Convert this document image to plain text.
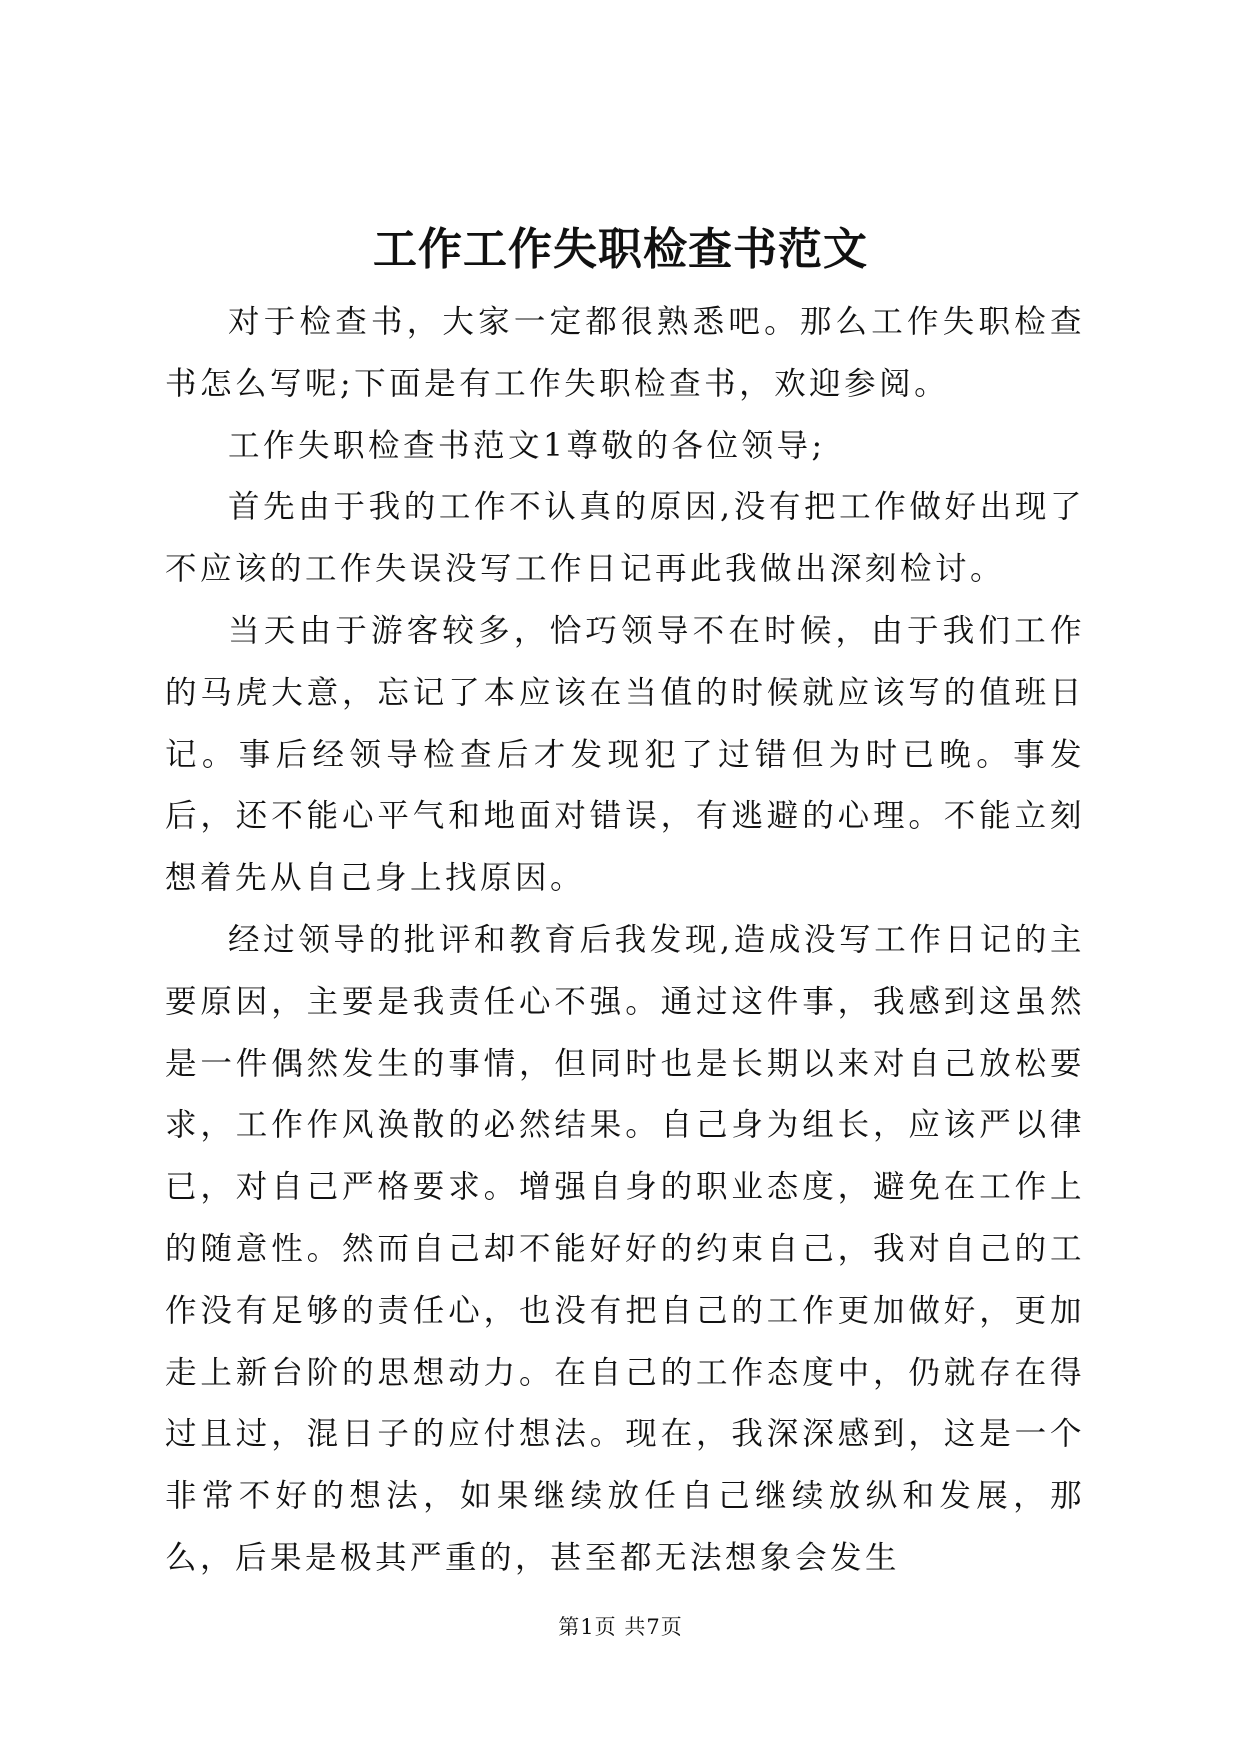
工作工作失职检查书范文

对于检查书，大家一定都很熟悉吧。那么工作失职检查书怎么写呢;下面是有工作失职检查书，欢迎参阅。

工作失职检查书范文1尊敬的各位领导;

首先由于我的工作不认真的原因,没有把工作做好出现了不应该的工作失误没写工作日记再此我做出深刻检讨。

当天由于游客较多，恰巧领导不在时候，由于我们工作的马虎大意，忘记了本应该在当值的时候就应该写的值班日记。事后经领导检查后才发现犯了过错但为时已晚。事发后，还不能心平气和地面对错误，有逃避的心理。不能立刻想着先从自己身上找原因。

经过领导的批评和教育后我发现,造成没写工作日记的主要原因，主要是我责任心不强。通过这件事，我感到这虽然是一件偶然发生的事情，但同时也是长期以来对自己放松要求，工作作风涣散的必然结果。自己身为组长，应该严以律已，对自己严格要求。增强自身的职业态度，避免在工作上的随意性。然而自己却不能好好的约束自己，我对自己的工作没有足够的责任心，也没有把自己的工作更加做好，更加走上新台阶的思想动力。在自己的工作态度中，仍就存在得过且过，混日子的应付想法。现在，我深深感到，这是一个非常不好的想法，如果继续放任自己继续放纵和发展，那么，后果是极其严重的，甚至都无法想象会发生

第1页 共7页
